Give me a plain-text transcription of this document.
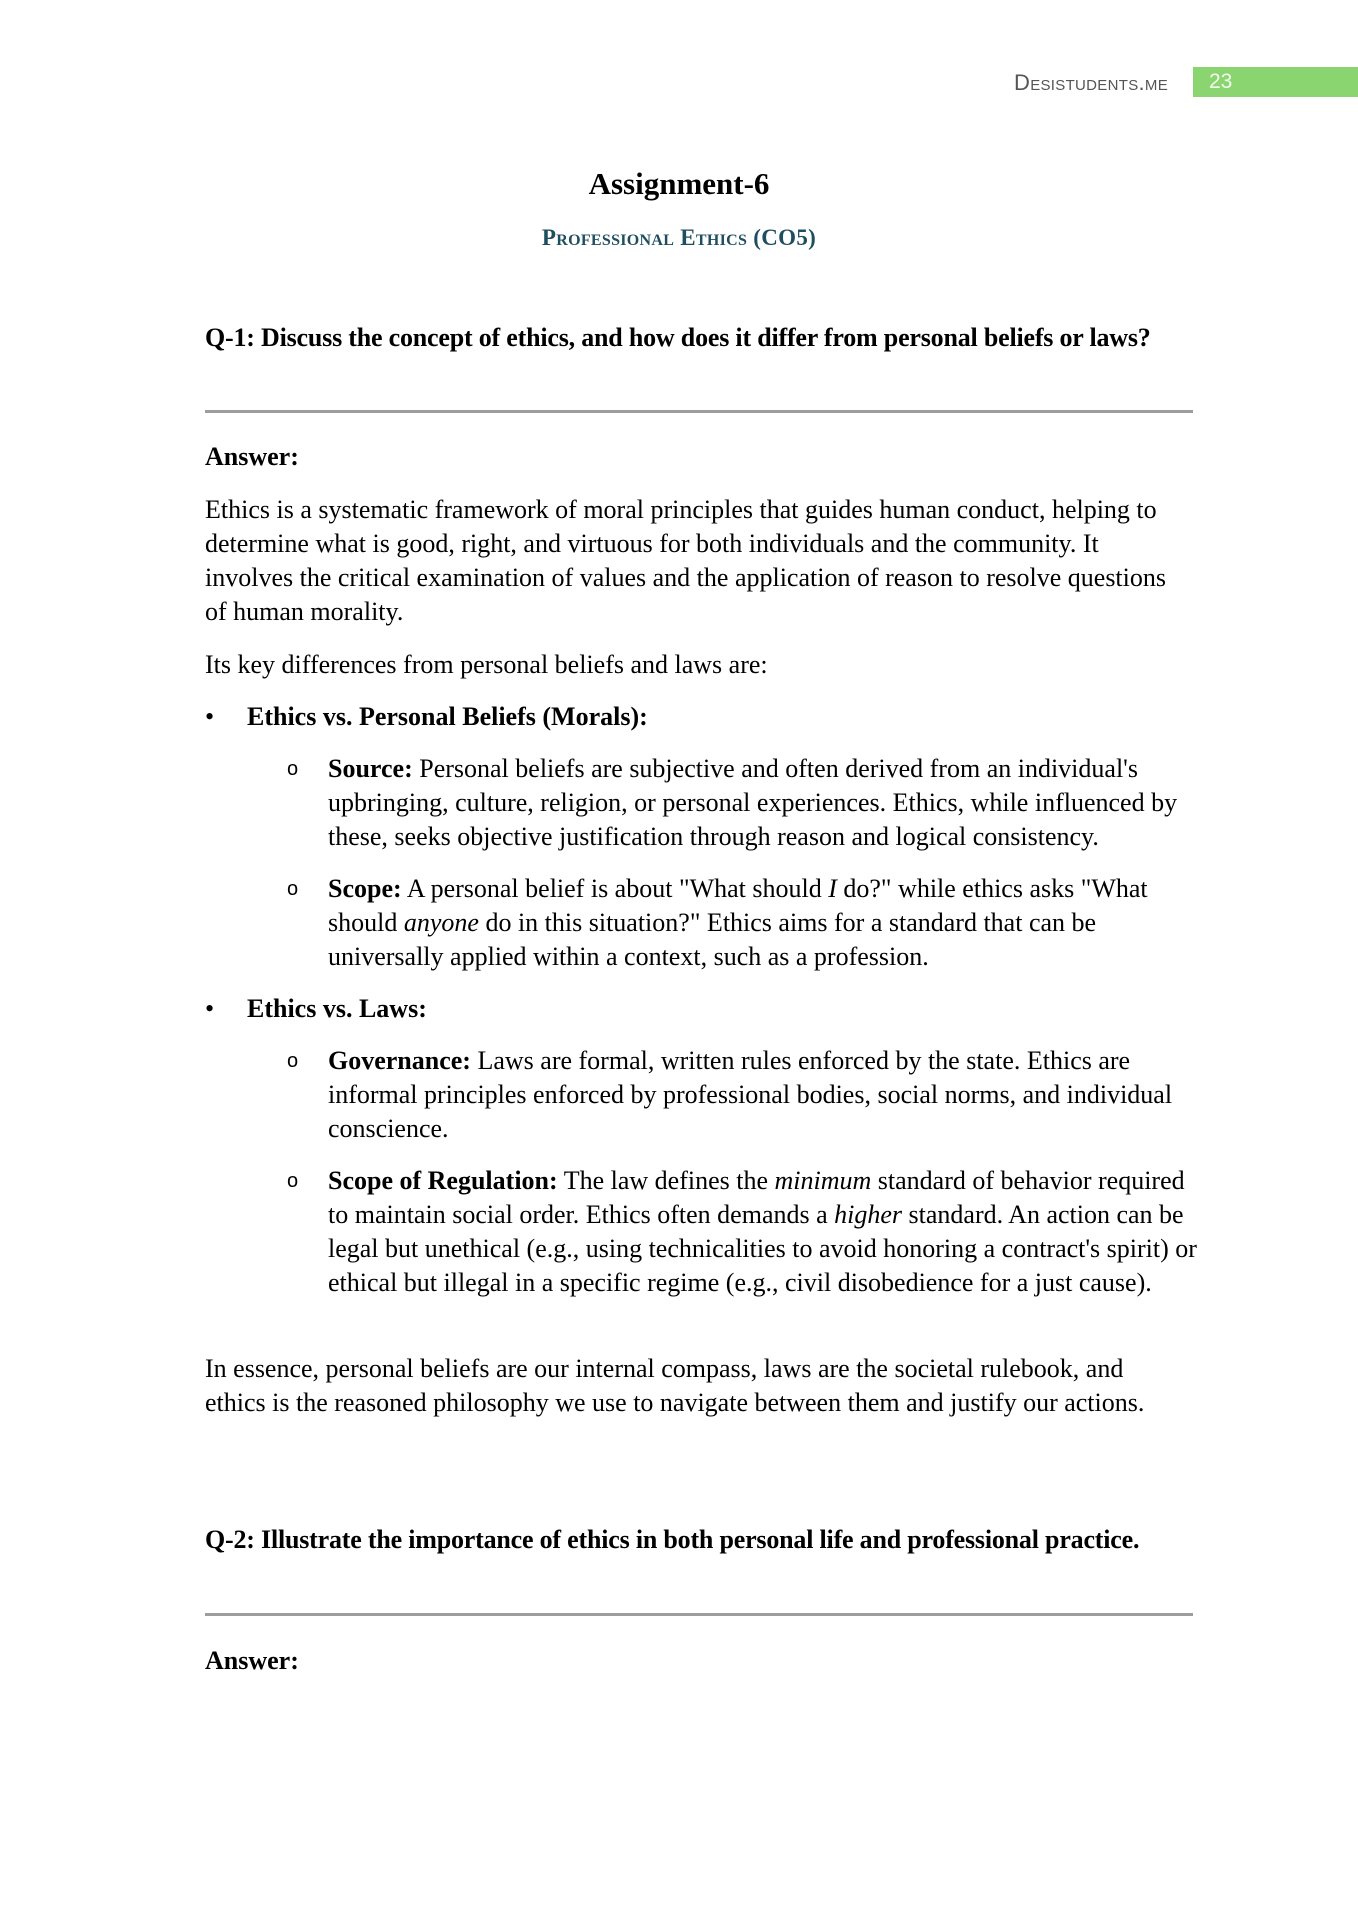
Desistudents.me 23
Assignment-6
Professional Ethics (CO5)
Q-1: Discuss the concept of ethics, and how does it differ from personal beliefs or laws?
Answer:
Ethics is a systematic framework of moral principles that guides human conduct, helping to determine what is good, right, and virtuous for both individuals and the community. It involves the critical examination of values and the application of reason to resolve questions of human morality.
Its key differences from personal beliefs and laws are:
•	Ethics vs. Personal Beliefs (Morals):
o Source: Personal beliefs are subjective and often derived from an individual's upbringing, culture, religion, or personal experiences. Ethics, while influenced by these, seeks objective justification through reason and logical consistency.
o Scope: A personal belief is about "What should I do?" while ethics asks "What should anyone do in this situation?" Ethics aims for a standard that can be universally applied within a context, such as a profession.
•	Ethics vs. Laws:
o Governance: Laws are formal, written rules enforced by the state. Ethics are informal principles enforced by professional bodies, social norms, and individual conscience.
o Scope of Regulation: The law defines the minimum standard of behavior required to maintain social order. Ethics often demands a higher standard. An action can be legal but unethical (e.g., using technicalities to avoid honoring a contract's spirit) or ethical but illegal in a specific regime (e.g., civil disobedience for a just cause).
In essence, personal beliefs are our internal compass, laws are the societal rulebook, and ethics is the reasoned philosophy we use to navigate between them and justify our actions.
Q-2: Illustrate the importance of ethics in both personal life and professional practice.
Answer:
